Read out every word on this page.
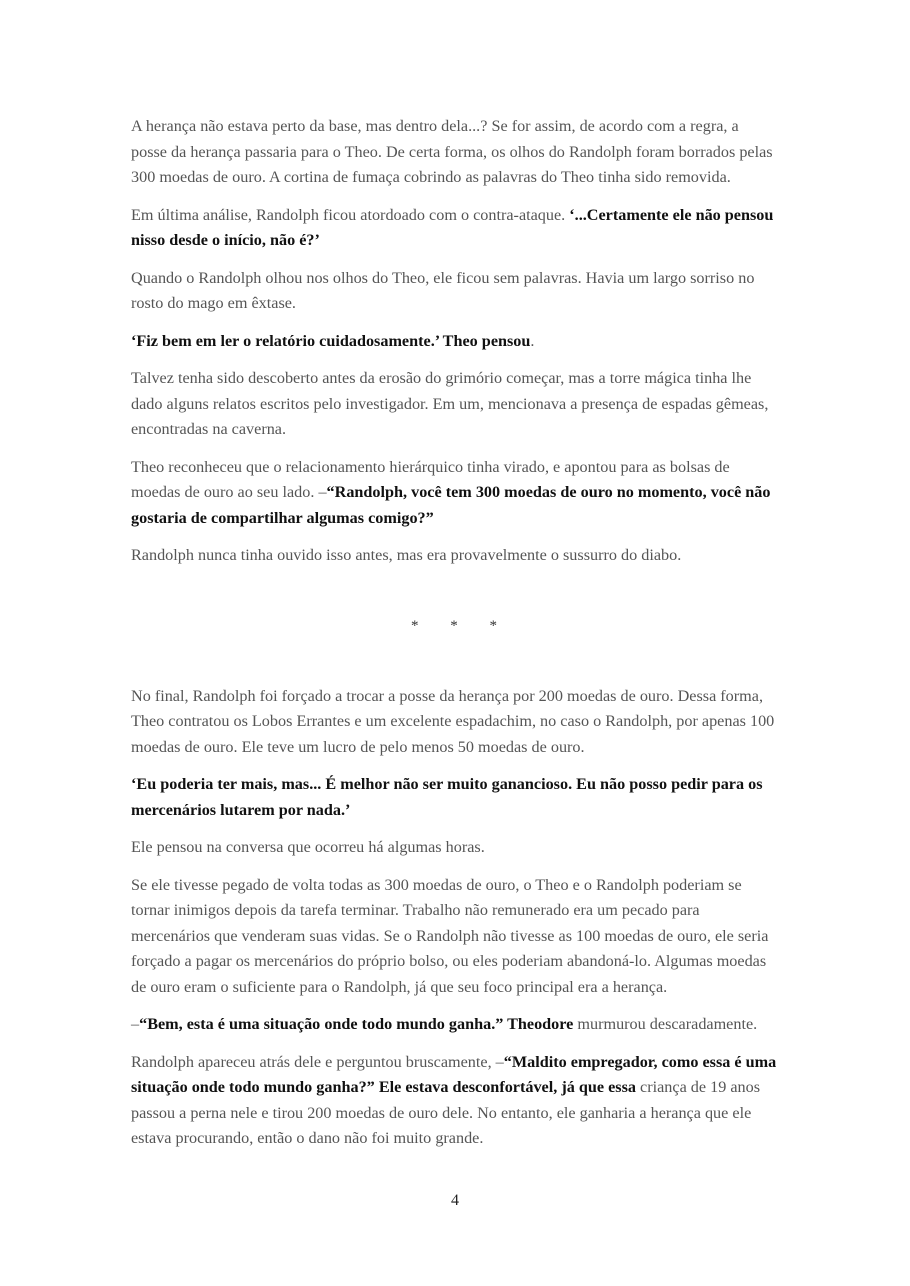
A herança não estava perto da base, mas dentro dela...? Se for assim, de acordo com a regra, a posse da herança passaria para o Theo. De certa forma, os olhos do Randolph foram borrados pelas 300 moedas de ouro. A cortina de fumaça cobrindo as palavras do Theo tinha sido removida.

Em última análise, Randolph ficou atordoado com o contra-ataque. ‘...Certamente ele não pensou nisso desde o início, não é?’

Quando o Randolph olhou nos olhos do Theo, ele ficou sem palavras. Havia um largo sorriso no rosto do mago em êxtase.

‘Fiz bem em ler o relatório cuidadosamente.’ Theo pensou.

Talvez tenha sido descoberto antes da erosão do grimório começar, mas a torre mágica tinha lhe dado alguns relatos escritos pelo investigador. Em um, mencionava a presença de espadas gêmeas, encontradas na caverna.

Theo reconheceu que o relacionamento hierárquico tinha virado, e apontou para as bolsas de moedas de ouro ao seu lado. –“Randolph, você tem 300 moedas de ouro no momento, você não gostaria de compartilhar algumas comigo?”

Randolph nunca tinha ouvido isso antes, mas era provavelmente o sussurro do diabo.

* * *

No final, Randolph foi forçado a trocar a posse da herança por 200 moedas de ouro. Dessa forma, Theo contratou os Lobos Errantes e um excelente espadachim, no caso o Randolph, por apenas 100 moedas de ouro. Ele teve um lucro de pelo menos 50 moedas de ouro.

‘Eu poderia ter mais, mas... É melhor não ser muito ganancioso. Eu não posso pedir para os mercenários lutarem por nada.’

Ele pensou na conversa que ocorreu há algumas horas.

Se ele tivesse pegado de volta todas as 300 moedas de ouro, o Theo e o Randolph poderiam se tornar inimigos depois da tarefa terminar. Trabalho não remunerado era um pecado para mercenários que venderam suas vidas. Se o Randolph não tivesse as 100 moedas de ouro, ele seria forçado a pagar os mercenários do próprio bolso, ou eles poderiam abandoná-lo. Algumas moedas de ouro eram o suficiente para o Randolph, já que seu foco principal era a herança.

–“Bem, esta é uma situação onde todo mundo ganha.” Theodore murmurou descaradamente.

Randolph apareceu atrás dele e perguntou bruscamente, –“Maldito empregador, como essa é uma situação onde todo mundo ganha?” Ele estava desconfortável, já que essa criança de 19 anos passou a perna nele e tirou 200 moedas de ouro dele. No entanto, ele ganharia a herança que ele estava procurando, então o dano não foi muito grande.

4
